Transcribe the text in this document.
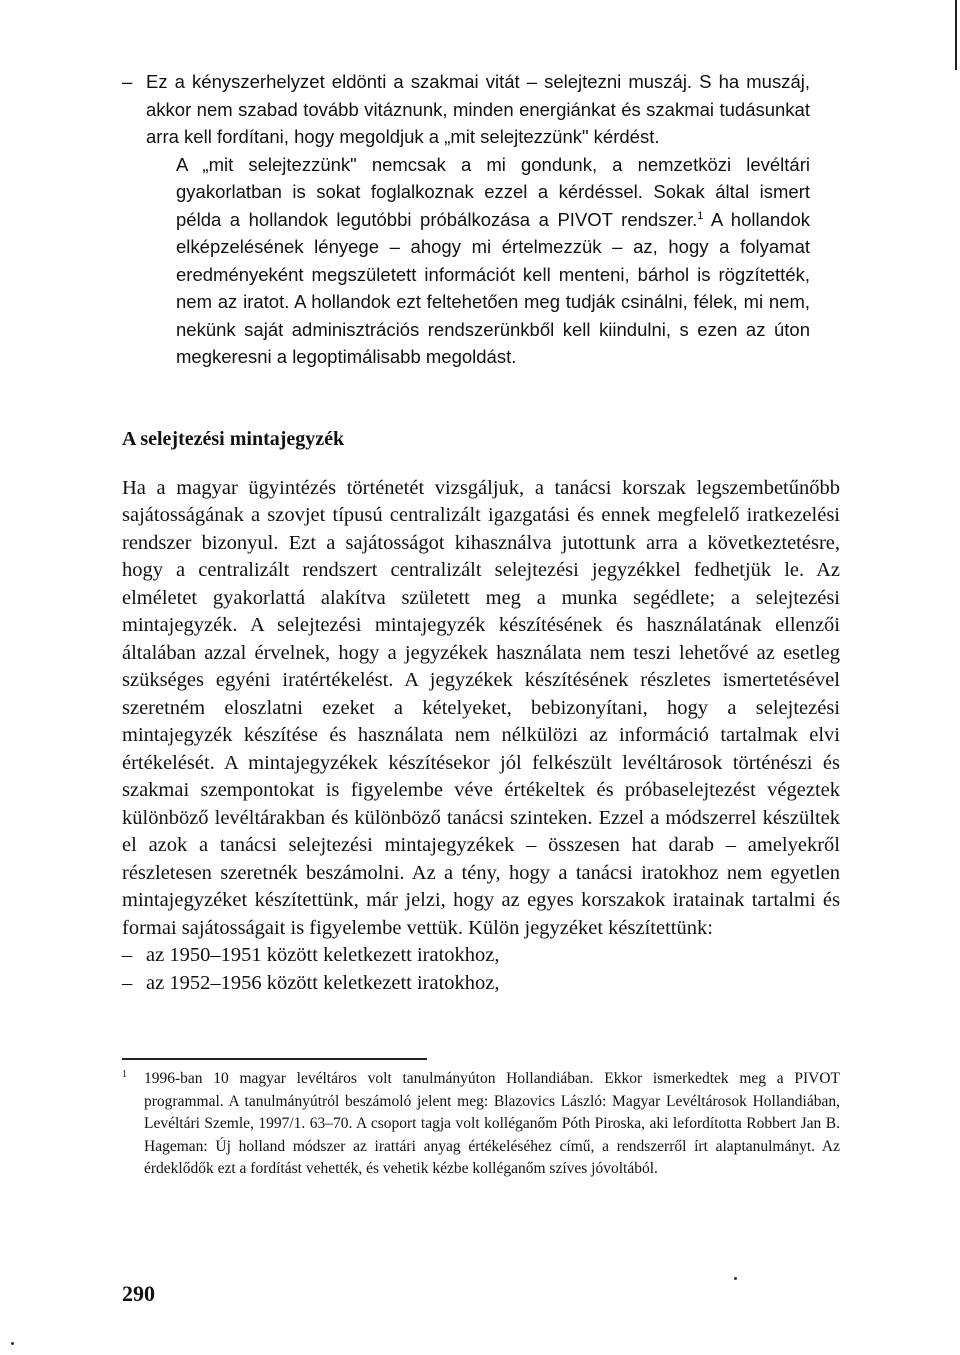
– Ez a kényszerhelyzet eldönti a szakmai vitát – selejtezni muszáj. S ha muszáj, akkor nem szabad tovább vitáznunk, minden energiánkat és szakmai tudásunkat arra kell fordítani, hogy megoldjuk a „mit selejtezzünk" kérdést.
A „mit selejtezzünk" nemcsak a mi gondunk, a nemzetközi levéltári gyakorlatban is sokat foglalkoznak ezzel a kérdéssel. Sokak által ismert példa a hollandok legutóbbi próbálkozása a PIVOT rendszer.$^1$ A hollandok elképzelésének lényege – ahogy mi értelmezzük – az, hogy a folyamat eredményeként megszületett információt kell menteni, bárhol is rögzítették, nem az iratot. A hollandok ezt feltehetően meg tudják csinálni, félek, mi nem, nekünk saját adminisztrációs rendszerünkből kell kiindulni, s ezen az úton megkeresni a legoptimálisabb megoldást.
A selejtezési mintajegyzék
Ha a magyar ügyintézés történetét vizsgáljuk, a tanácsi korszak legszembetűnőbb sajátosságának a szovjet típusú centralizált igazgatási és ennek megfelelő iratkezelési rendszer bizonyul. Ezt a sajátosságot kihasználva jutottunk arra a következtetésre, hogy a centralizált rendszert centralizált selejtezési jegyzékkel fedhetjük le. Az elméletet gyakorlattá alakítva született meg a munka segédlete; a selejtezési mintajegyzék. A selejtezési mintajegyzék készítésének és használatának ellenzői általában azzal érvelnek, hogy a jegyzékek használata nem teszi lehetővé az esetleg szükséges egyéni iratértékelést. A jegyzékek készítésének részletes ismertetésével szeretném eloszlatni ezeket a kételyeket, bebizonyítani, hogy a selejtezési mintajegyzék készítése és használata nem nélkülözi az információ tartalmak elvi értékelését. A mintajegyzékek készítésekor jól felkészült levéltárosok történészi és szakmai szempontokat is figyelembe véve értékeltek és próbaselejtezést végeztek különböző levéltárakban és különböző tanácsi szinteken. Ezzel a módszerrel készültek el azok a tanácsi selejtezési mintajegyzékek – összesen hat darab – amelyekről részletesen szeretnék beszámolni. Az a tény, hogy a tanácsi iratokhoz nem egyetlen mintajegyzéket készítettünk, már jelzi, hogy az egyes korszakok iratainak tartalmi és formai sajátosságait is figyelembe vettük. Külön jegyzéket készítettünk:
– az 1950–1951 között keletkezett iratokhoz,
– az 1952–1956 között keletkezett iratokhoz,
1	1996-ban 10 magyar levéltáros volt tanulmányúton Hollandiában. Ekkor ismerkedtek meg a PIVOT programmal. A tanulmányútról beszámoló jelent meg: Blazovics László: Magyar Levéltárosok Hollandiában, Levéltári Szemle, 1997/1. 63–70. A csoport tagja volt kolléganőm Póth Piroska, aki lefordította Robbert Jan B. Hageman: Új holland módszer az irattári anyag értékeléséhez című, a rendszerről írt alaptanulmányt. Az érdeklődők ezt a fordítást vehették, és vehetik kézbe kolléganőm szíves jóvoltából.
290
